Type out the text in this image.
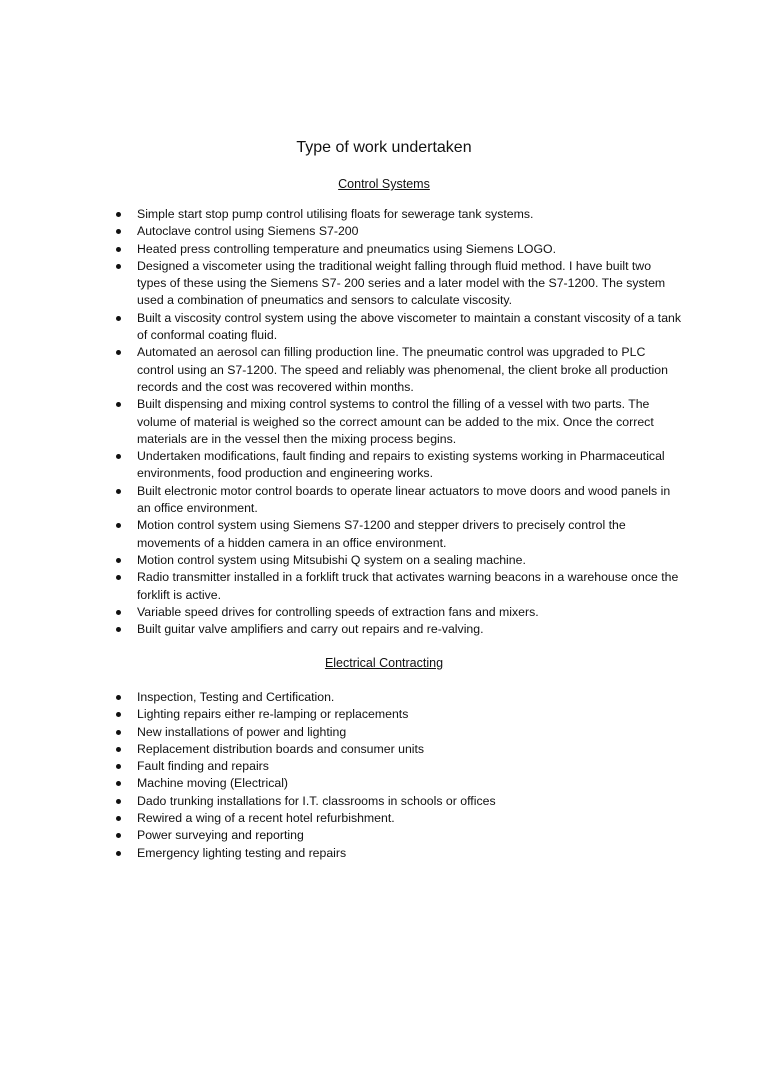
Type of work undertaken
Control Systems
Simple start stop pump control utilising floats for sewerage tank systems.
Autoclave control using Siemens S7-200
Heated press controlling temperature and pneumatics using Siemens LOGO.
Designed a viscometer using the traditional weight falling through fluid method. I have built two types of these using the Siemens S7- 200 series and a later model with the S7-1200. The system used a combination of pneumatics and sensors to calculate viscosity.
Built a viscosity control system using the above viscometer to maintain a constant viscosity of a tank of conformal coating fluid.
Automated an aerosol can filling production line. The pneumatic control was upgraded to PLC control using an S7-1200. The speed and reliably was phenomenal, the client broke all production records and the cost was recovered within months.
Built dispensing and mixing control systems to control the filling of a vessel with two parts. The volume of material is weighed so the correct amount can be added to the mix. Once the correct materials are in the vessel then the mixing process begins.
Undertaken modifications, fault finding and repairs to existing systems working in Pharmaceutical environments, food production and engineering works.
Built electronic motor control boards to operate linear actuators to move doors and wood panels in an office environment.
Motion control system using Siemens S7-1200 and stepper drivers to precisely control the movements of a hidden camera in an office environment.
Motion control system using Mitsubishi Q system on a sealing machine.
Radio transmitter installed in a forklift truck that activates warning beacons in a warehouse once the forklift is active.
Variable speed drives for controlling speeds of extraction fans and mixers.
Built guitar valve amplifiers and carry out repairs and re-valving.
Electrical Contracting
Inspection, Testing and Certification.
Lighting repairs either re-lamping or replacements
New installations of power and lighting
Replacement distribution boards and consumer units
Fault finding and repairs
Machine moving (Electrical)
Dado trunking installations for I.T. classrooms in schools or offices
Rewired a wing of a recent hotel refurbishment.
Power surveying and reporting
Emergency lighting testing and repairs
